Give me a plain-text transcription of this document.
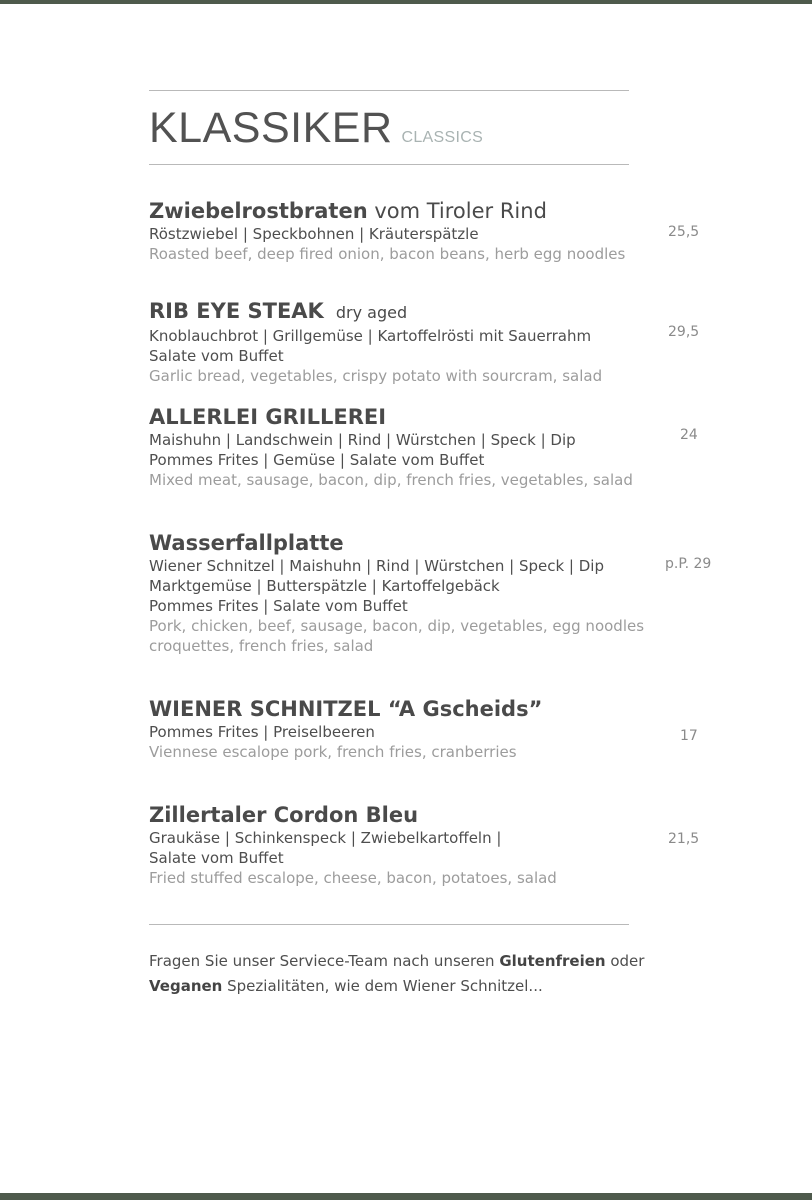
KLASSIKER CLASSICS
Zwiebelrostbraten vom Tiroler Rind
Röstzwiebel | Speckbohnen | Kräuterspätzle
Roasted beef, deep fired onion, bacon beans, herb egg noodles
25,5
RIB EYE STEAK dry aged
Knoblauchbrot | Grillgemüse | Kartoffelrösti mit Sauerrahm
Salate vom Buffet
Garlic bread, vegetables, crispy potato with sourcram, salad
29,5
ALLERLEI GRILLEREI
Maishuhn | Landschwein | Rind | Würstchen | Speck | Dip
Pommes Frites | Gemüse | Salate vom Buffet
Mixed meat, sausage, bacon, dip, french fries, vegetables, salad
24
Wasserfallplatte
Wiener Schnitzel | Maishuhn | Rind | Würstchen | Speck | Dip
Marktgemüse | Butterspätzle | Kartoffelgebäck
Pommes Frites | Salate vom Buffet
Pork, chicken, beef, sausage, bacon, dip, vegetables, egg noodles
croquettes, french fries, salad
p.P. 29
WIENER SCHNITZEL “A Gscheids”
Pommes Frites | Preiselbeeren
Viennese escalope pork, french fries, cranberries
17
Zillertaler Cordon Bleu
Graukäse | Schinkenspeck | Zwiebelkartoffeln |
Salate vom Buffet
Fried stuffed escalope, cheese, bacon, potatoes, salad
21,5
Fragen Sie unser Serviece-Team nach unseren Glutenfreien oder
Veganen Spezialitäten, wie dem Wiener Schnitzel...
